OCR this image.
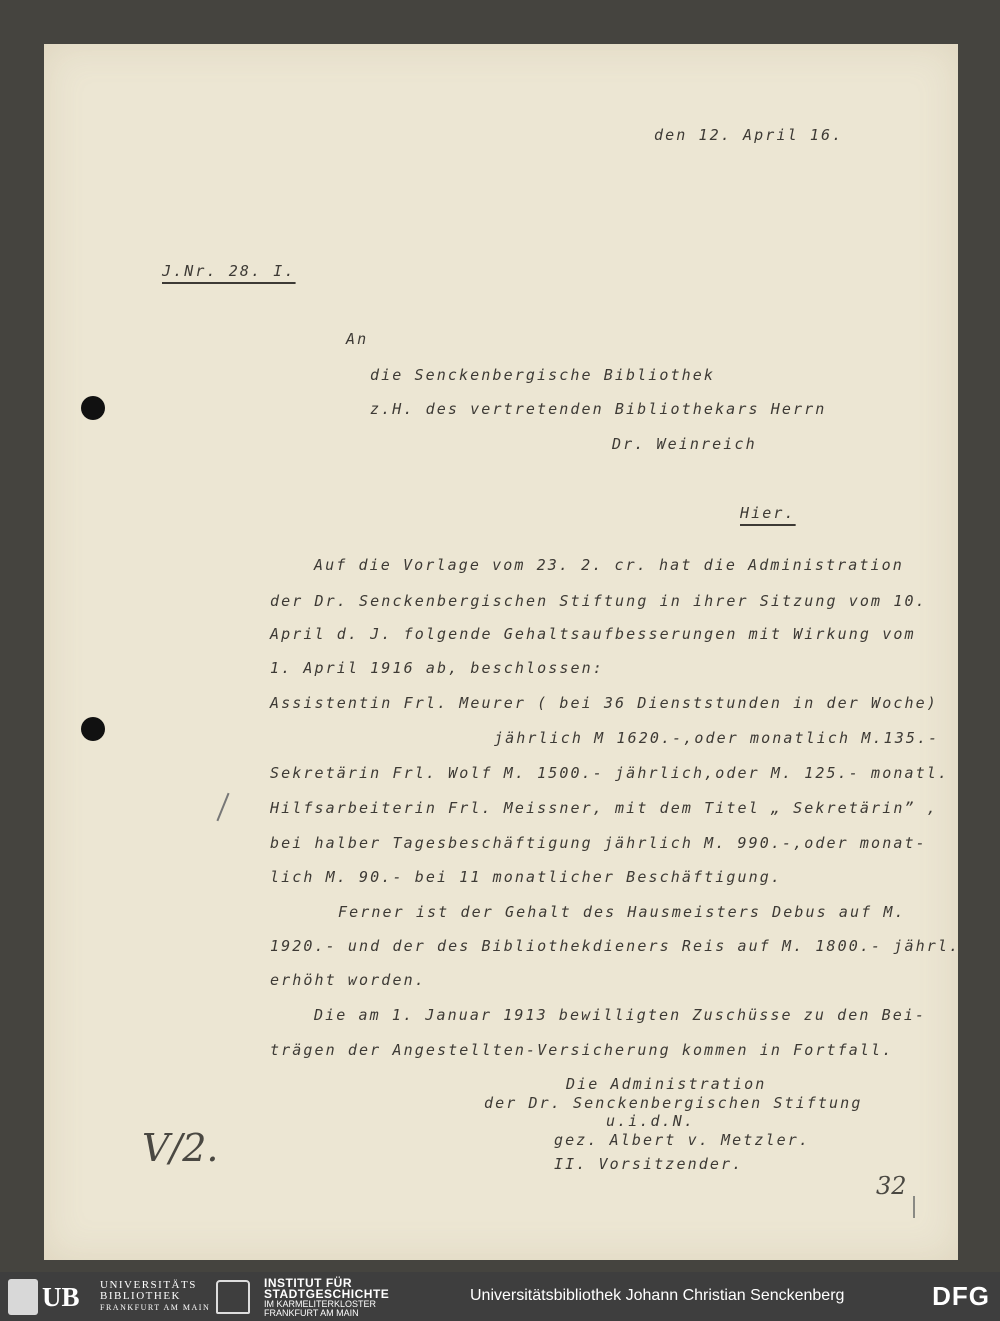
den 12. April 16.
J.Nr. 28. I.
An
die Senckenbergische Bibliothek
z.H. des vertretenden Bibliothekars Herrn
Dr. Weinreich
Hier.
Auf die Vorlage vom 23. 2. cr. hat die Administration
der Dr. Senckenbergischen Stiftung in ihrer Sitzung vom 10.
April d. J. folgende Gehaltsaufbesserungen mit Wirkung vom
1. April 1916 ab, beschlossen:
Assistentin Frl. Meurer ( bei 36 Dienststunden in der Woche)
jährlich M 1620.-,oder monatlich M.135.-
Sekretärin Frl. Wolf M. 1500.- jährlich,oder M. 125.- monatl.
Hilfsarbeiterin Frl. Meissner, mit dem Titel „ Sekretärin” ,
bei halber Tagesbeschäftigung jährlich M. 990.-,oder monat-
lich M. 90.- bei 11 monatlicher Beschäftigung.
Ferner ist der Gehalt des Hausmeisters Debus auf M.
1920.- und der des Bibliothekdieners Reis auf M. 1800.- jährl.
erhöht worden.
Die am 1. Januar 1913 bewilligten Zuschüsse zu den Bei-
trägen der Angestellten-Versicherung kommen in Fortfall.
Die Administration
der Dr. Senckenbergischen Stiftung
u.i.d.N.
gez. Albert v. Metzler.
II. Vorsitzender.
V/2.
32
UB UNIVERSITÄTS
BIBLIOTHEK
FRANKFURT AM MAIN
INSTITUT FÜR
STADTGESCHICHTE
IM KARMELITERKLOSTER
FRANKFURT AM MAIN
Universitätsbibliothek Johann Christian Senckenberg	DFG
